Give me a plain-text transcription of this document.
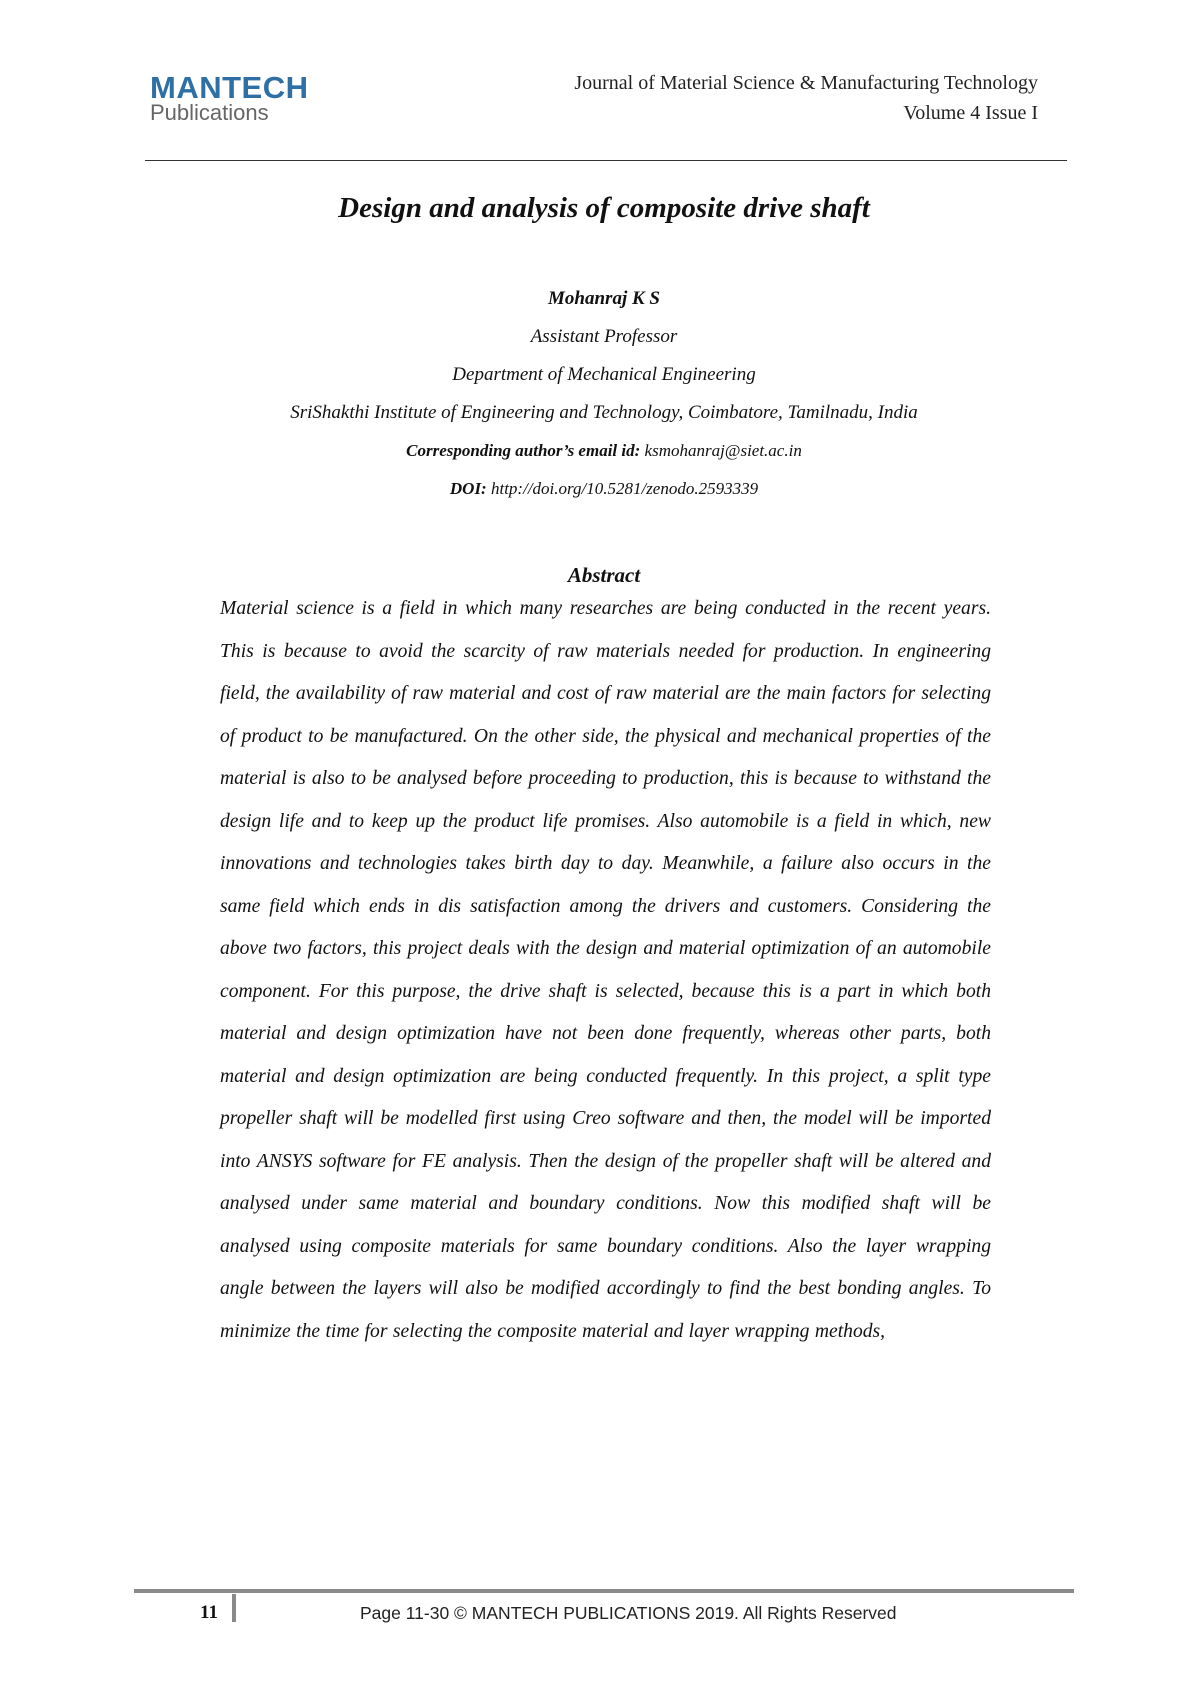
MANTECH
Publications
Journal of Material Science & Manufacturing Technology
Volume 4 Issue I
Design and analysis of composite drive shaft
Mohanraj K S
Assistant Professor
Department of Mechanical Engineering
SriShakthi Institute of Engineering and Technology, Coimbatore, Tamilnadu, India
Corresponding author’s email id: ksmohanraj@siet.ac.in
DOI: http://doi.org/10.5281/zenodo.2593339
Abstract
Material science is a field in which many researches are being conducted in the recent years. This is because to avoid the scarcity of raw materials needed for production. In engineering field, the availability of raw material and cost of raw material are the main factors for selecting of product to be manufactured. On the other side, the physical and mechanical properties of the material is also to be analysed before proceeding to production, this is because to withstand the design life and to keep up the product life promises. Also automobile is a field in which, new innovations and technologies takes birth day to day. Meanwhile, a failure also occurs in the same field which ends in dis satisfaction among the drivers and customers. Considering the above two factors, this project deals with the design and material optimization of an automobile component. For this purpose, the drive shaft is selected, because this is a part in which both material and design optimization have not been done frequently, whereas other parts, both material and design optimization are being conducted frequently. In this project, a split type propeller shaft will be modelled first using Creo software and then, the model will be imported into ANSYS software for FE analysis. Then the design of the propeller shaft will be altered and analysed under same material and boundary conditions. Now this modified shaft will be analysed using composite materials for same boundary conditions. Also the layer wrapping angle between the layers will also be modified accordingly to find the best bonding angles. To minimize the time for selecting the composite material and layer wrapping methods,
11	Page 11-30 © MANTECH PUBLICATIONS 2019. All Rights Reserved
